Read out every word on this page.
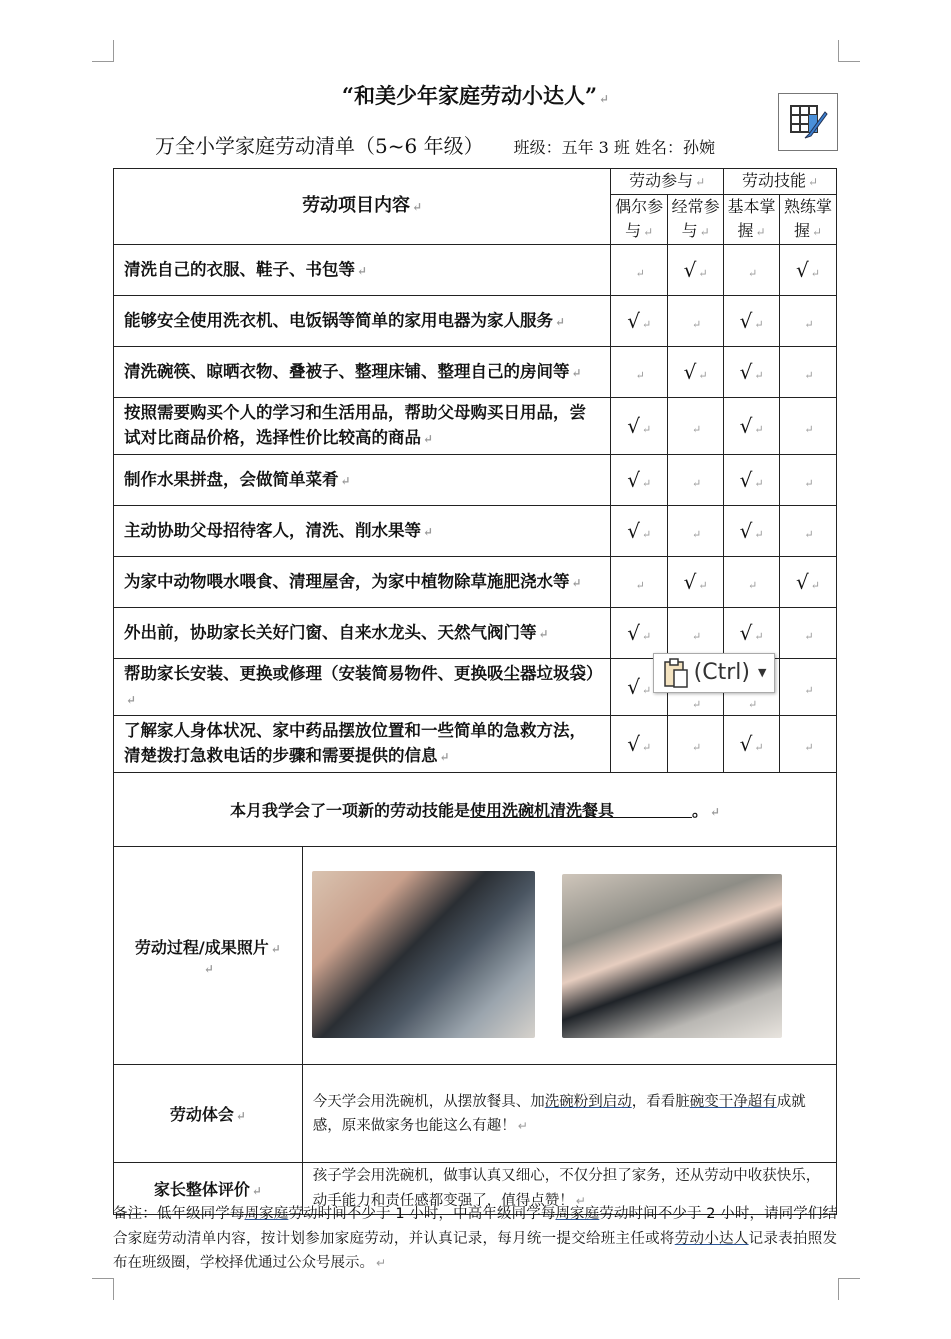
“和美少年家庭劳动小达人” ↵
万全小学家庭劳动清单（5~6 年级） 班级：五年 3 班 姓名：孙婉
劳动项目内容 ↵		劳动参与 ↵		劳动技能 ↵	
		偶尔参与 ↵	经常参与 ↵	基本掌握 ↵	熟练掌握 ↵
清洗自己的衣服、鞋子、书包等 ↵		↵	√ ↵	↵	√ ↵
能够安全使用洗衣机、电饭锅等简单的家用电器为家人服务 ↵		√ ↵	↵	√ ↵	↵
清洗碗筷、晾晒衣物、叠被子、整理床铺、整理自己的房间等 ↵		↵	√ ↵	√ ↵	↵
按照需要购买个人的学习和生活用品，帮助父母购买日用品，尝试对比商品价格，选择性价比较高的商品 ↵		√ ↵	↵	√ ↵	↵
制作水果拼盘，会做简单菜肴 ↵		√ ↵	↵	√ ↵	↵
主动协助父母招待客人，清洗、削水果等 ↵		√ ↵	↵	√ ↵	↵
为家中动物喂水喂食、清理屋舍，为家中植物除草施肥浇水等 ↵		↵	√ ↵	↵	√ ↵
外出前，协助家长关好门窗、自来水龙头、天然气阀门等 ↵		√ ↵	↵	√ ↵	↵
帮助家长安装、更换或修理（安装简易物件、更换吸尘器垃圾袋）↵		√ ↵	↵	↵	↵
了解家人身体状况、家中药品摆放位置和一些简单的急救方法，清楚拨打急救电话的步骤和需要提供的信息 ↵		√ ↵	↵	√ ↵	↵
本月我学会了一项新的劳动技能是使用洗碗机清洗餐具 。 ↵					
劳动过程/成果照片 ↵
↵					

劳动体会 ↵	今天学会用洗碗机，从摆放餐具、加洗碗粉到启动，看看脏碗变干净超有成就感，原来做家务也能这么有趣！ ↵				
家长整体评价 ↵	孩子学会用洗碗机，做事认真又细心，不仅分担了家务，还从劳动中收获快乐，动手能力和责任感都变强了，值得点赞！ ↵				
备注：低年级同学每周家庭劳动时间不少于 1 小时，中高年级同学每周家庭劳动时间不少于 2 小时，请同学们结合家庭劳动清单内容，按计划参加家庭劳动，并认真记录，每月统一提交给班主任或将劳动小达人记录表拍照发布在班级圈，学校择优通过公众号展示。 ↵
(Ctrl) ▼
